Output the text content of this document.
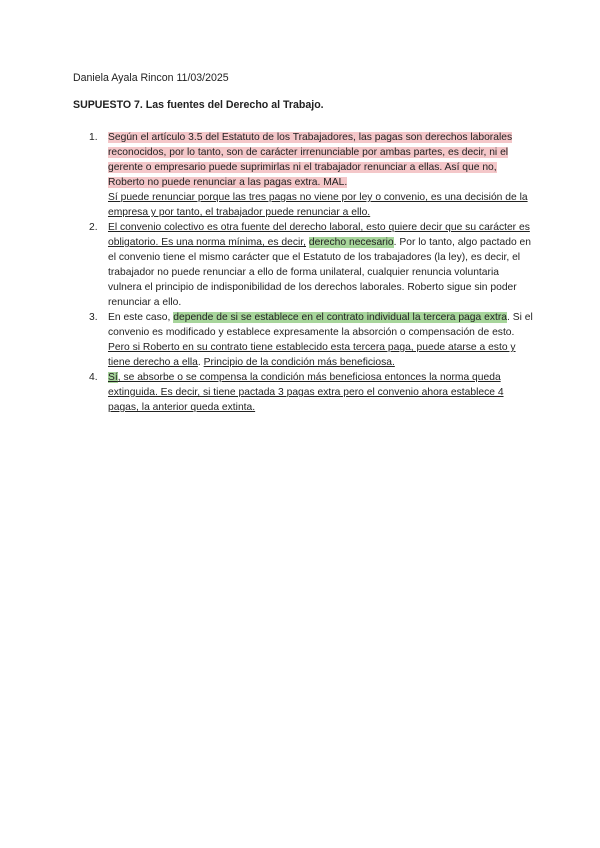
Daniela Ayala Rincon 11/03/2025
SUPUESTO 7. Las fuentes del Derecho al Trabajo.
1. Según el artículo 3.5 del Estatuto de los Trabajadores, las pagas son derechos laborales reconocidos, por lo tanto, son de carácter irrenunciable por ambas partes, es decir, ni el gerente o empresario puede suprimirlas ni el trabajador renunciar a ellas. Así que no, Roberto no puede renunciar a las pagas extra. MAL.
Sí puede renunciar porque las tres pagas no viene por ley o convenio, es una decisión de la empresa y por tanto, el trabajador puede renunciar a ello.
2. El convenio colectivo es otra fuente del derecho laboral, esto quiere decir que su carácter es obligatorio. Es una norma mínima, es decir, derecho necesario. Por lo tanto, algo pactado en el convenio tiene el mismo carácter que el Estatuto de los trabajadores (la ley), es decir, el trabajador no puede renunciar a ello de forma unilateral, cualquier renuncia voluntaria vulnera el principio de indisponibilidad de los derechos laborales. Roberto sigue sin poder renunciar a ello.
3. En este caso, depende de si se establece en el contrato individual la tercera paga extra. Si el convenio es modificado y establece expresamente la absorción o compensación de esto. Pero si Roberto en su contrato tiene establecido esta tercera paga, puede atarse a esto y tiene derecho a ella. Principio de la condición más beneficiosa.
4. Sí, se absorbe o se compensa la condición más beneficiosa entonces la norma queda extinguida. Es decir, si tiene pactada 3 pagas extra pero el convenio ahora establece 4 pagas, la anterior queda extinta.
